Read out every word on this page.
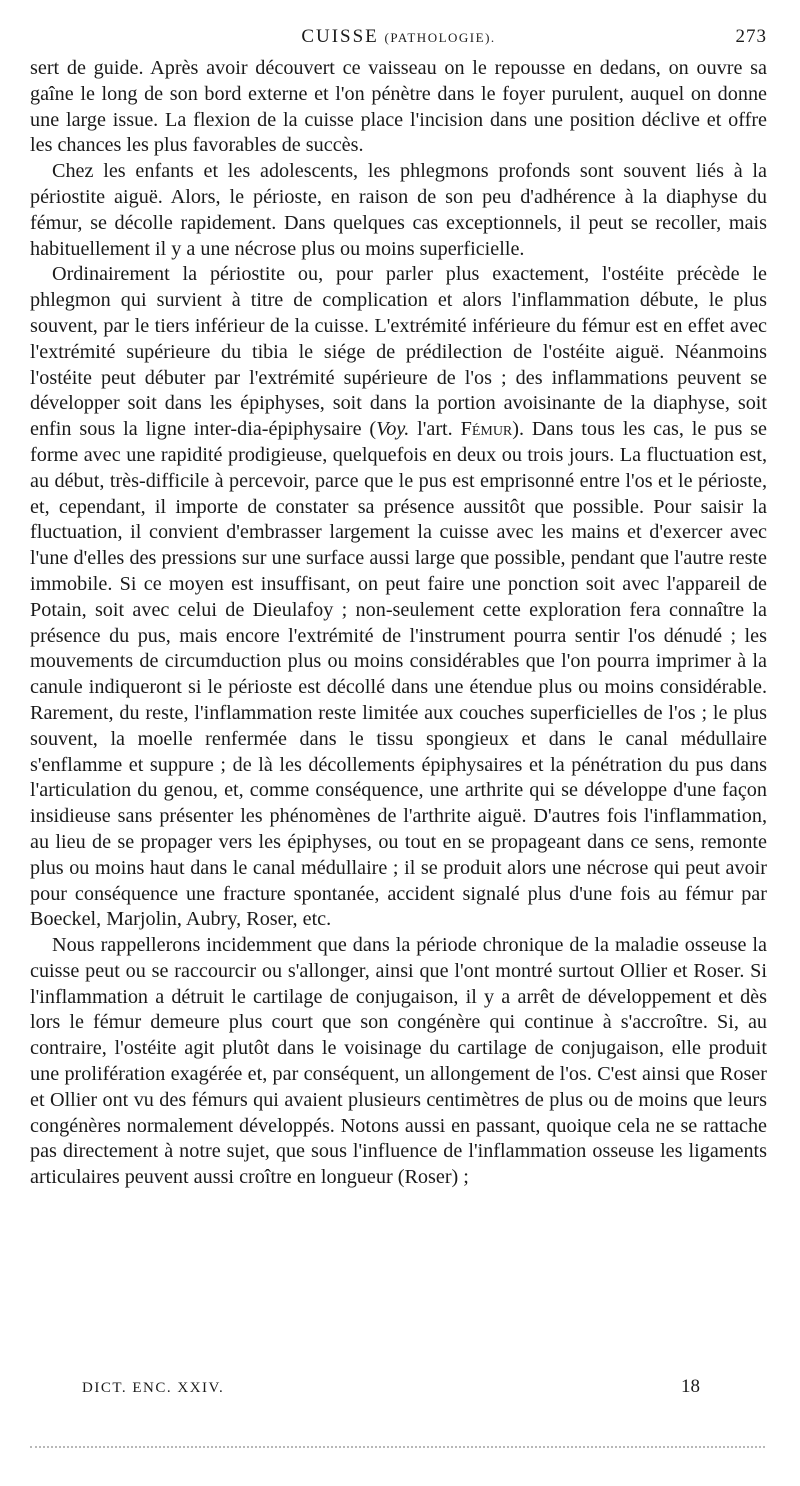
CUISSE (PATHOLOGIE).	273

sert de guide. Après avoir découvert ce vaisseau on le repousse en dedans, on ouvre sa gaîne le long de son bord externe et l'on pénètre dans le foyer purulent, auquel on donne une large issue. La flexion de la cuisse place l'incision dans une position déclive et offre les chances les plus favorables de succès.

Chez les enfants et les adolescents, les phlegmons profonds sont souvent liés à la périostite aiguë. Alors, le périoste, en raison de son peu d'adhérence à la diaphyse du fémur, se décolle rapidement. Dans quelques cas exceptionnels, il peut se recoller, mais habituellement il y a une nécrose plus ou moins superficielle.

Ordinairement la périostite ou, pour parler plus exactement, l'ostéite précède le phlegmon qui survient à titre de complication et alors l'inflammation débute, le plus souvent, par le tiers inférieur de la cuisse. L'extrémité inférieure du fémur est en effet avec l'extrémité supérieure du tibia le siége de prédilection de l'ostéite aiguë. Néanmoins l'ostéite peut débuter par l'extrémité supérieure de l'os ; des inflammations peuvent se développer soit dans les épiphyses, soit dans la portion avoisinante de la diaphyse, soit enfin sous la ligne inter-dia-épiphysaire (Voy. l'art. Fémur). Dans tous les cas, le pus se forme avec une rapidité prodigieuse, quelquefois en deux ou trois jours. La fluctuation est, au début, très-difficile à percevoir, parce que le pus est emprisonné entre l'os et le périoste, et, cependant, il importe de constater sa présence aussitôt que possible. Pour saisir la fluctuation, il convient d'embrasser largement la cuisse avec les mains et d'exercer avec l'une d'elles des pressions sur une surface aussi large que possible, pendant que l'autre reste immobile. Si ce moyen est insuffisant, on peut faire une ponction soit avec l'appareil de Potain, soit avec celui de Dieulafoy ; non-seulement cette exploration fera connaître la présence du pus, mais encore l'extrémité de l'instrument pourra sentir l'os dénudé ; les mouvements de circumduction plus ou moins considérables que l'on pourra imprimer à la canule indiqueront si le périoste est décollé dans une étendue plus ou moins considérable. Rarement, du reste, l'inflammation reste limitée aux couches superficielles de l'os ; le plus souvent, la moelle renfermée dans le tissu spongieux et dans le canal médullaire s'enflamme et suppure ; de là les décollements épiphysaires et la pénétration du pus dans l'articulation du genou, et, comme conséquence, une arthrite qui se développe d'une façon insidieuse sans présenter les phénomènes de l'arthrite aiguë. D'autres fois l'inflammation, au lieu de se propager vers les épiphyses, ou tout en se propageant dans ce sens, remonte plus ou moins haut dans le canal médullaire ; il se produit alors une nécrose qui peut avoir pour conséquence une fracture spontanée, accident signalé plus d'une fois au fémur par Boeckel, Marjolin, Aubry, Roser, etc.

Nous rappellerons incidemment que dans la période chronique de la maladie osseuse la cuisse peut ou se raccourcir ou s'allonger, ainsi que l'ont montré surtout Ollier et Roser. Si l'inflammation a détruit le cartilage de conjugaison, il y a arrêt de développement et dès lors le fémur demeure plus court que son congénère qui continue à s'accroître. Si, au contraire, l'ostéite agit plutôt dans le voisinage du cartilage de conjugaison, elle produit une prolifération exagérée et, par conséquent, un allongement de l'os. C'est ainsi que Roser et Ollier ont vu des fémurs qui avaient plusieurs centimètres de plus ou de moins que leurs congénères normalement développés. Notons aussi en passant, quoique cela ne se rattache pas directement à notre sujet, que sous l'influence de l'inflammation osseuse les ligaments articulaires peuvent aussi croître en longueur (Roser) ;

DICT. ENC. XXIV.	18
